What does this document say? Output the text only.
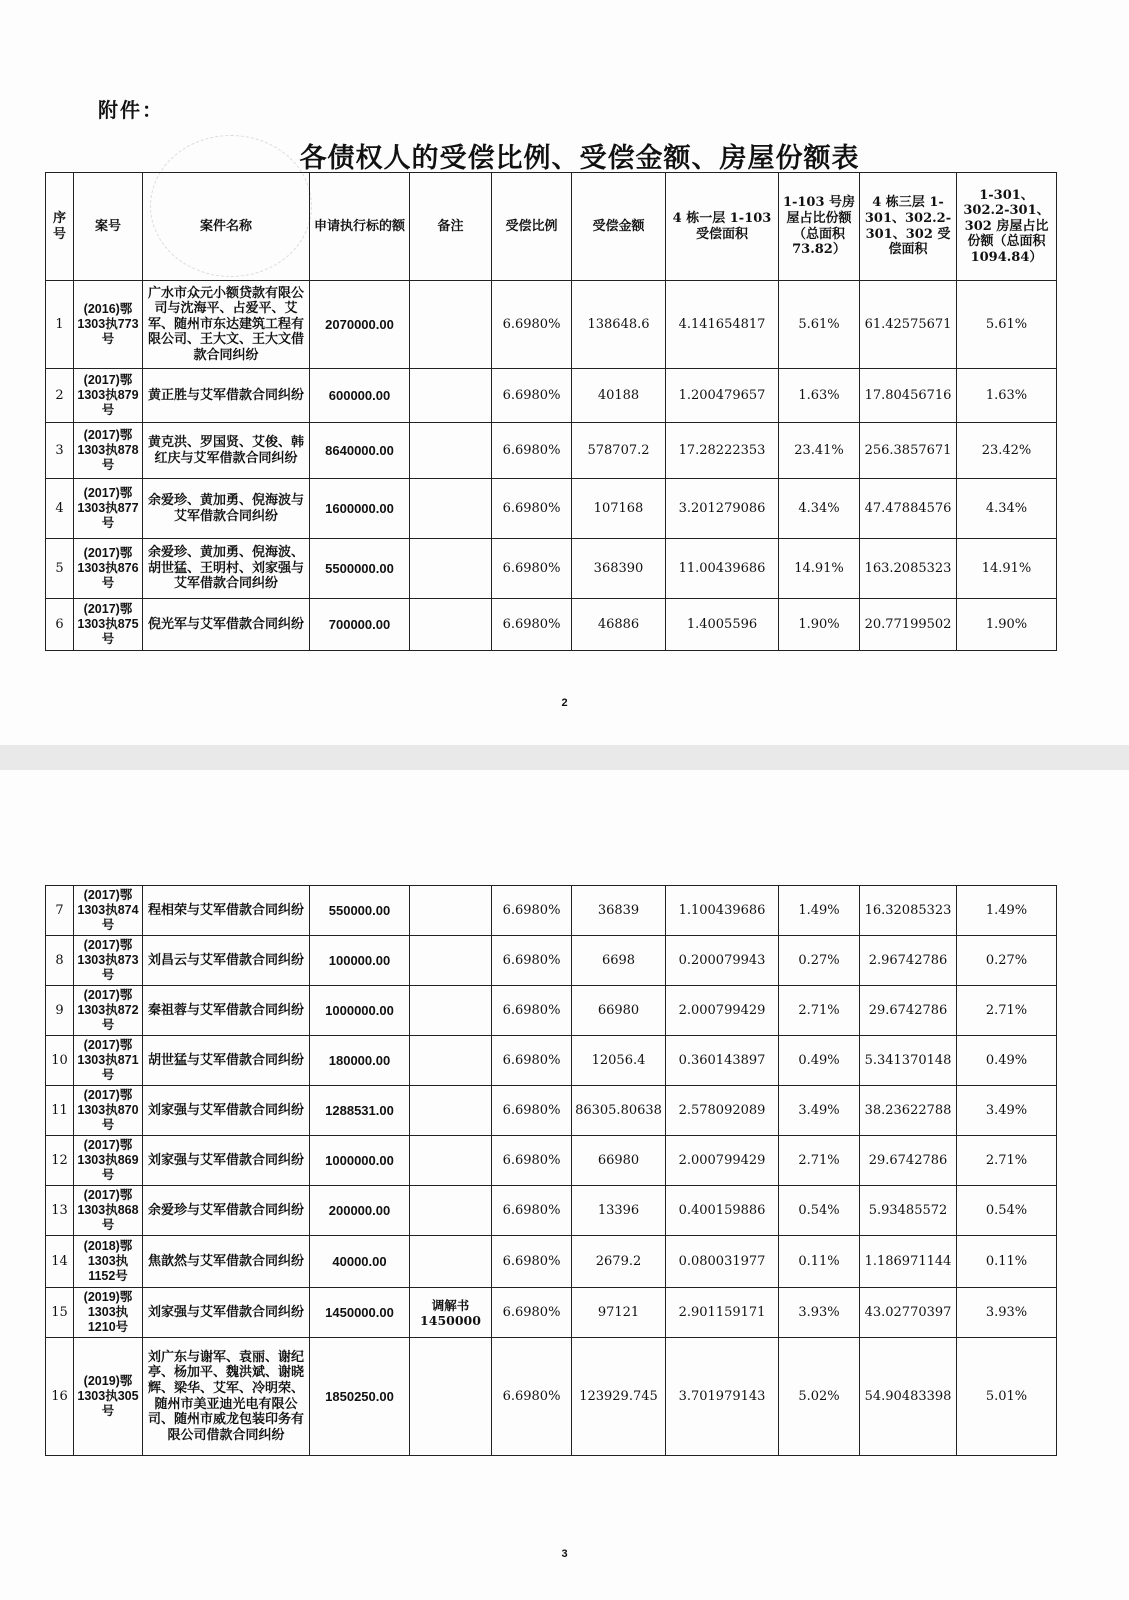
附件：
各债权人的受偿比例、受偿金额、房屋份额表
序号	案号	案件名称	申请执行标的额	备注	受偿比例	受偿金额	4 栋一层 1-103 受偿面积	1-103 号房屋占比份额（总面积 73.82）	4 栋三层 1-301、302.2-301、302 受偿面积	1-301、302.2-301、302 房屋占比份额（总面积 1094.84）
1	(2016)鄂1303执773号	广水市众元小额贷款有限公司与沈海平、占爱平、艾军、随州市东达建筑工程有限公司、王大文、王大文借款合同纠纷	2070000.00		6.6980%	138648.6	4.141654817	5.61%	61.42575671	5.61%
2	(2017)鄂1303执879号	黄正胜与艾军借款合同纠纷	600000.00		6.6980%	40188	1.200479657	1.63%	17.80456716	1.63%
3	(2017)鄂1303执878号	黄克洪、罗国贤、艾俊、韩红庆与艾军借款合同纠纷	8640000.00		6.6980%	578707.2	17.28222353	23.41%	256.3857671	23.42%
4	(2017)鄂1303执877号	余爱珍、黄加勇、倪海波与艾军借款合同纠纷	1600000.00		6.6980%	107168	3.201279086	4.34%	47.47884576	4.34%
5	(2017)鄂1303执876号	余爱珍、黄加勇、倪海波、胡世猛、王明村、刘家强与艾军借款合同纠纷	5500000.00		6.6980%	368390	11.00439686	14.91%	163.2085323	14.91%
6	(2017)鄂1303执875号	倪光军与艾军借款合同纠纷	700000.00		6.6980%	46886	1.4005596	1.90%	20.77199502	1.90%
2
7	(2017)鄂1303执874号	程相荣与艾军借款合同纠纷	550000.00		6.6980%	36839	1.100439686	1.49%	16.32085323	1.49%
8	(2017)鄂1303执873号	刘昌云与艾军借款合同纠纷	100000.00		6.6980%	6698	0.200079943	0.27%	2.96742786	0.27%
9	(2017)鄂1303执872号	秦祖蓉与艾军借款合同纠纷	1000000.00		6.6980%	66980	2.000799429	2.71%	29.6742786	2.71%
10	(2017)鄂1303执871号	胡世猛与艾军借款合同纠纷	180000.00		6.6980%	12056.4	0.360143897	0.49%	5.341370148	0.49%
11	(2017)鄂1303执870号	刘家强与艾军借款合同纠纷	1288531.00		6.6980%	86305.80638	2.578092089	3.49%	38.23622788	3.49%
12	(2017)鄂1303执869号	刘家强与艾军借款合同纠纷	1000000.00		6.6980%	66980	2.000799429	2.71%	29.6742786	2.71%
13	(2017)鄂1303执868号	余爱珍与艾军借款合同纠纷	200000.00		6.6980%	13396	0.400159886	0.54%	5.93485572	0.54%
14	(2018)鄂1303执1152号	焦歆然与艾军借款合同纠纷	40000.00		6.6980%	2679.2	0.080031977	0.11%	1.186971144	0.11%
15	(2019)鄂1303执1210号	刘家强与艾军借款合同纠纷	1450000.00	调解书1450000	6.6980%	97121	2.901159171	3.93%	43.02770397	3.93%
16	(2019)鄂1303执305号	刘广东与谢军、袁丽、谢纪亭、杨加平、魏洪斌、谢晓辉、梁华、艾军、冷明荣、随州市美亚迪光电有限公司、随州市威龙包装印务有限公司借款合同纠纷	1850250.00		6.6980%	123929.745	3.701979143	5.02%	54.90483398	5.01%
3
